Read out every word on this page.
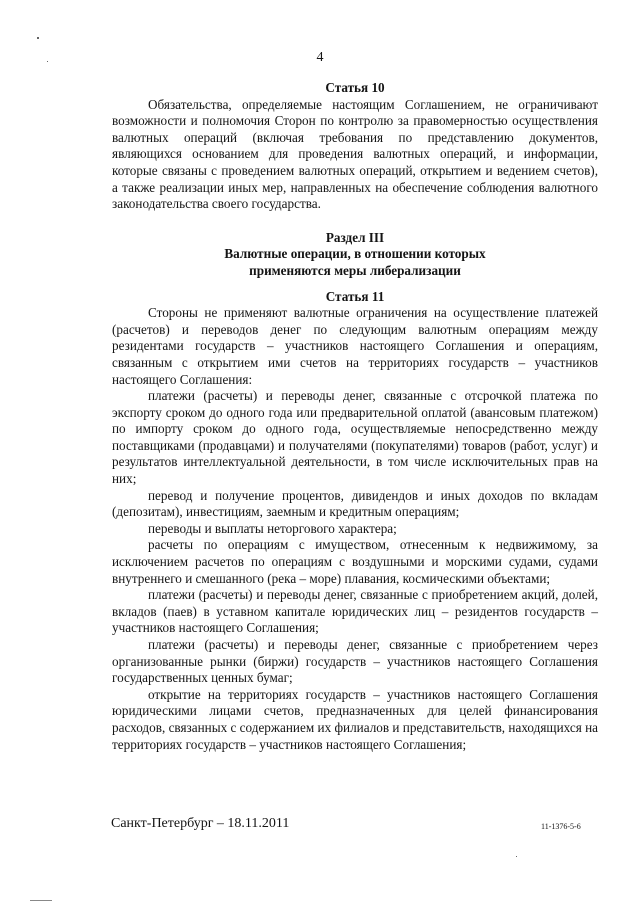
4

Статья 10

Обязательства, определяемые настоящим Соглашением, не ограничивают возможности и полномочия Сторон по контролю за правомерностью осуществления валютных операций (включая требования по представлению документов, являющихся основанием для проведения валютных операций, и информации, которые связаны с проведением валютных операций, открытием и ведением счетов), а также реализации иных мер, направленных на обеспечение соблюдения валютного законодательства своего государства.

Раздел III

Валютные операции, в отношении которых

применяются меры либерализации

Статья 11

Стороны не применяют валютные ограничения на осуществление платежей (расчетов) и переводов денег по следующим валютным операциям между резидентами государств – участников настоящего Соглашения и операциям, связанным с открытием ими счетов на территориях государств – участников настоящего Соглашения:

платежи (расчеты) и переводы денег, связанные с отсрочкой платежа по экспорту сроком до одного года или предварительной оплатой (авансовым платежом) по импорту сроком до одного года, осуществляемые непосредственно между поставщиками (продавцами) и получателями (покупателями) товаров (работ, услуг) и результатов интеллектуальной деятельности, в том числе исключительных прав на них;

перевод и получение процентов, дивидендов и иных доходов по вкладам (депозитам), инвестициям, заемным и кредитным операциям;

переводы и выплаты неторгового характера;

расчеты по операциям с имуществом, отнесенным к недвижимому, за исключением расчетов по операциям с воздушными и морскими судами, судами внутреннего и смешанного (река – море) плавания, космическими объектами;

платежи (расчеты) и переводы денег, связанные с приобретением акций, долей, вкладов (паев) в уставном капитале юридических лиц – резидентов государств – участников настоящего Соглашения;

платежи (расчеты) и переводы денег, связанные с приобретением через организованные рынки (биржи) государств – участников настоящего Соглашения государственных ценных бумаг;

открытие на территориях государств – участников настоящего Соглашения юридическими лицами счетов, предназначенных для целей финансирования расходов, связанных с содержанием их филиалов и представительств, находящихся на территориях государств – участников настоящего Соглашения;

Санкт-Петербург – 18.11.2011	11-1376-5-6
